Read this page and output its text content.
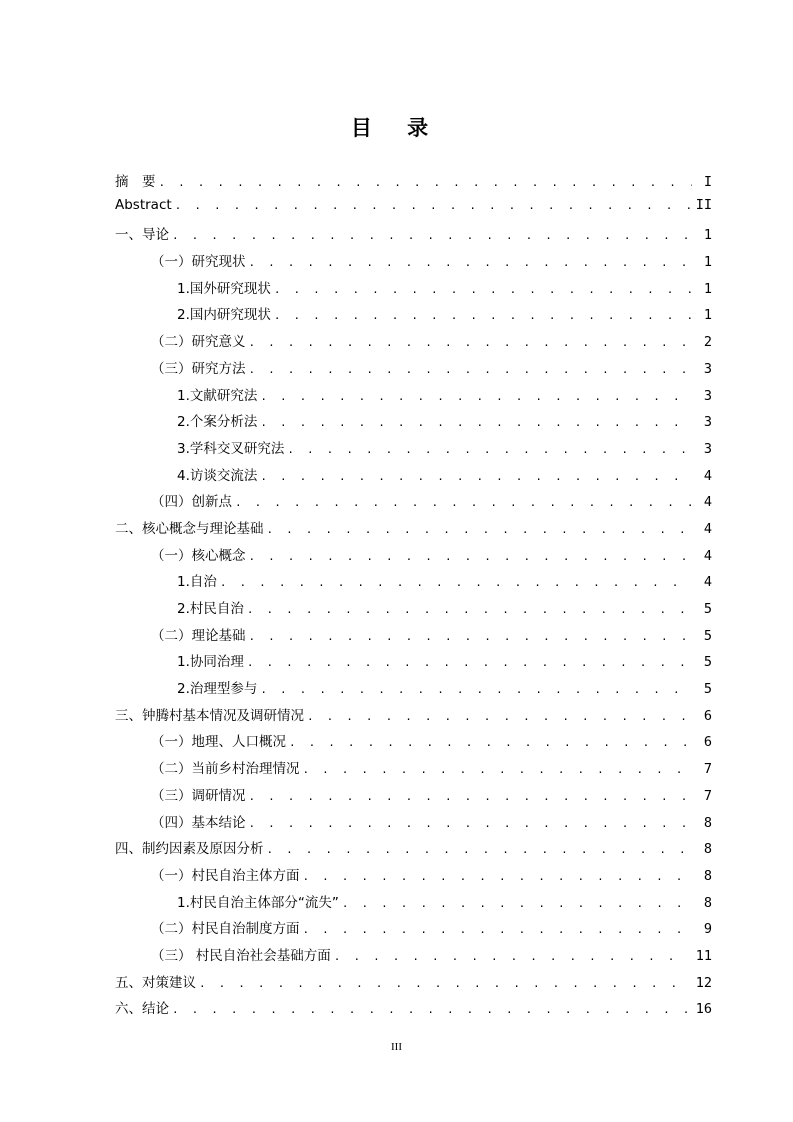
目 录
摘　要 . . .	I
Abstract . . .	II
一、导论 . . .	1
（一）研究现状 . . .	1
1.国外研究现状 . . .	1
2.国内研究现状 . . .	1
（二）研究意义 . . .	2
（三）研究方法 . . .	3
1.文献研究法 . . .	3
2.个案分析法 . . .	3
3.学科交叉研究法 . . .	3
4.访谈交流法 . . .	4
（四）创新点 . . .	4
二、核心概念与理论基础 . . .	4
（一）核心概念 . . .	4
1.自治 . . .	4
2.村民自治 . . .	5
（二）理论基础 . . .	5
1.协同治理 . . .	5
2.治理型参与 . . .	5
三、钟腾村基本情况及调研情况 . . .	6
（一）地理、人口概况 . . .	6
（二）当前乡村治理情况 . . .	7
（三）调研情况 . . .	7
（四）基本结论 . . .	8
四、制约因素及原因分析 . . .	8
（一）村民自治主体方面 . . .	8
1.村民自治主体部分“流失” . . .	8
（二）村民自治制度方面 . . .	9
（三） 村民自治社会基础方面 . . .	11
五、对策建议 . . .	12
六、结论 . . .	16
III
